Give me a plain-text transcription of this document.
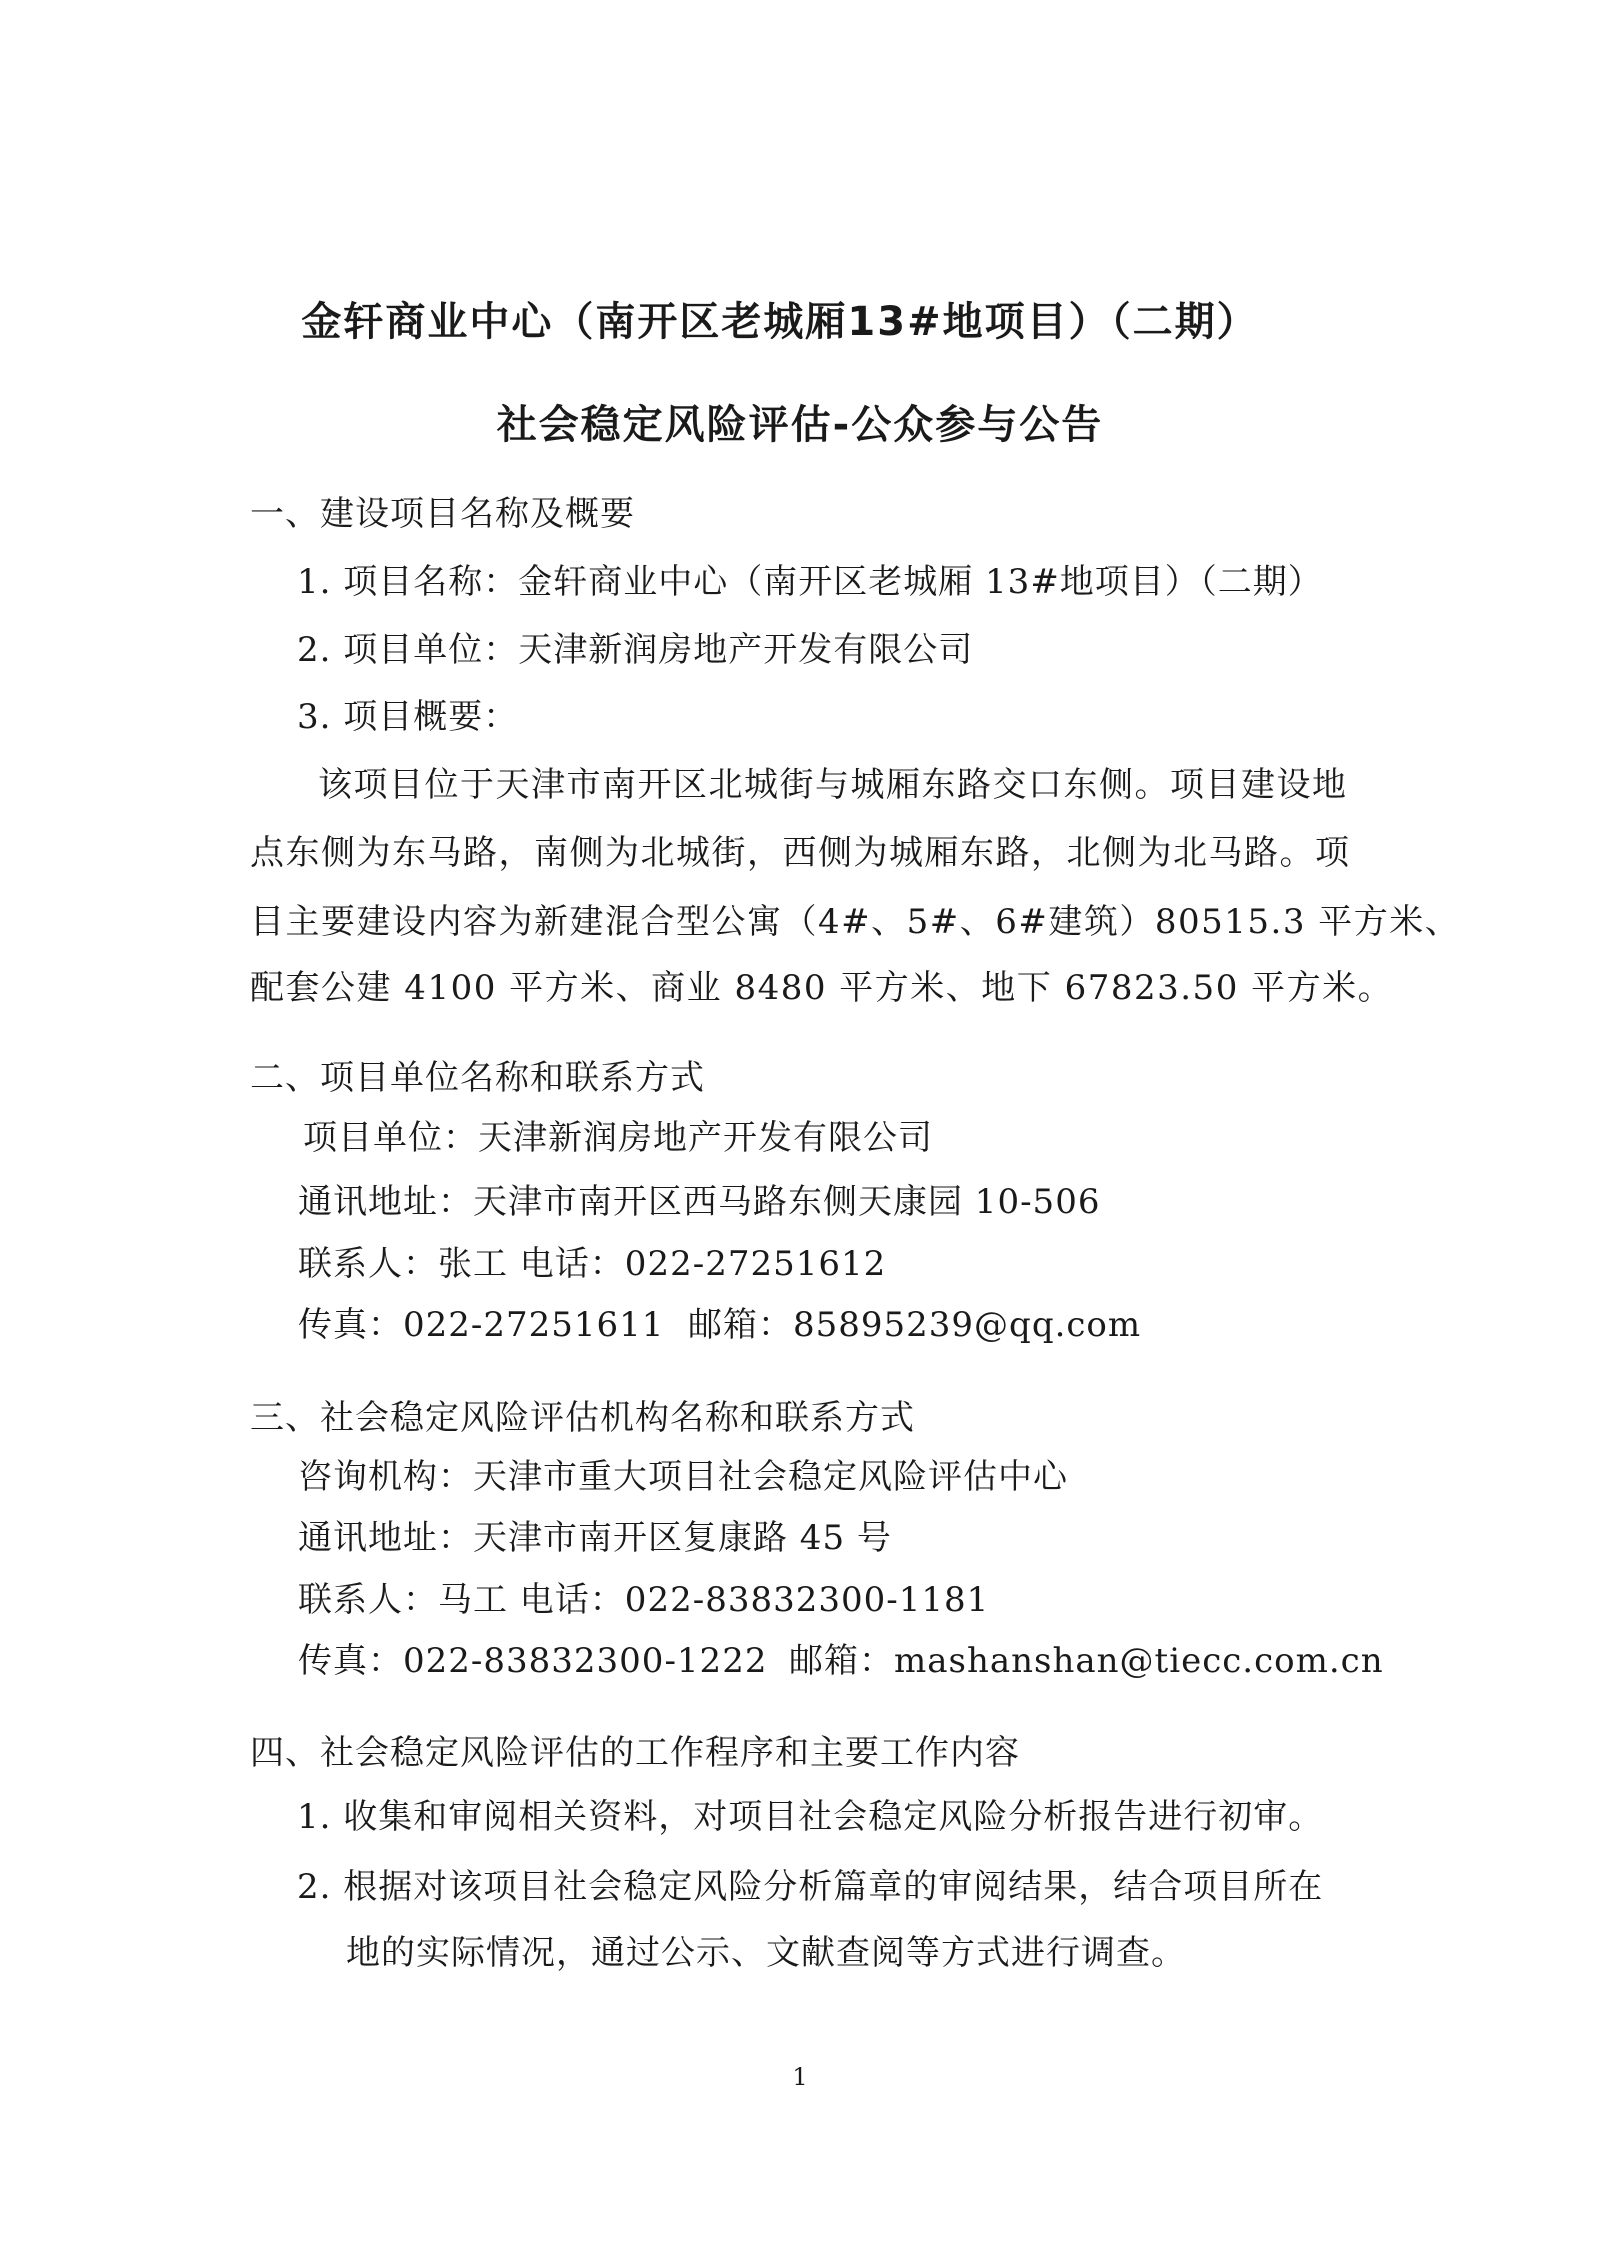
金轩商业中心（南开区老城厢13#地项目）（二期）
社会稳定风险评估-公众参与公告
一、建设项目名称及概要
1. 项目名称：金轩商业中心（南开区老城厢 13#地项目）（二期）
2. 项目单位：天津新润房地产开发有限公司
3. 项目概要：
该项目位于天津市南开区北城街与城厢东路交口东侧。项目建设地
点东侧为东马路，南侧为北城街，西侧为城厢东路，北侧为北马路。项
目主要建设内容为新建混合型公寓（4#、5#、6#建筑）80515.3 平方米、
配套公建 4100 平方米、商业 8480 平方米、地下 67823.50 平方米。
二、项目单位名称和联系方式
项目单位：天津新润房地产开发有限公司
通讯地址：天津市南开区西马路东侧天康园 10-506
联系人：张工 电话：022-27251612
传真：022-27251611 邮箱：85895239@qq.com
三、社会稳定风险评估机构名称和联系方式
咨询机构：天津市重大项目社会稳定风险评估中心
通讯地址：天津市南开区复康路 45 号
联系人：马工 电话：022-83832300-1181
传真：022-83832300-1222 邮箱：mashanshan@tiecc.com.cn
四、社会稳定风险评估的工作程序和主要工作内容
1. 收集和审阅相关资料，对项目社会稳定风险分析报告进行初审。
2. 根据对该项目社会稳定风险分析篇章的审阅结果，结合项目所在
地的实际情况，通过公示、文献查阅等方式进行调查。
1
